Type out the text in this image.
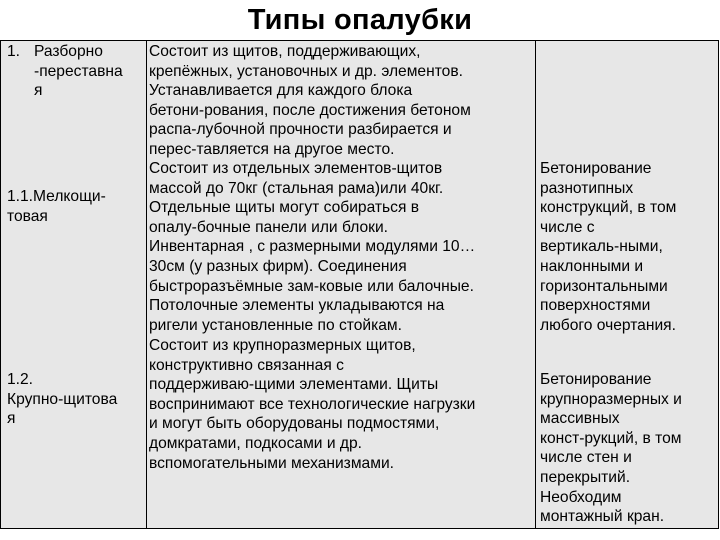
Типы опалубки
1. Разборно
-переставна
я
1.1.Мелкощи-
товая
1.2.
Крупно-щитова
я
Состоит из щитов, поддерживающих,
крепёжных, установочных и др. элементов.
Устанавливается для каждого блока
бетони-рования, после достижения бетоном
распа-лубочной прочности разбирается и
перес-тавляется на другое место.
Состоит из отдельных элементов-щитов
массой до 70кг (стальная рама)или 40кг.
Отдельные щиты могут собираться в
опалу-бочные панели или блоки.
Инвентарная , с размерными модулями 10…
30см (у разных фирм). Соединения
быстроразъёмные зам-ковые или балочные.
Потолочные элементы укладываются на
ригели установленные по стойкам.
Состоит из крупноразмерных щитов,
конструктивно связанная с
поддерживаю-щими элементами. Щиты
воспринимают все технологические нагрузки
и могут быть оборудованы подмостями,
домкратами, подкосами и др.
вспомогательными механизмами.
Бетонирование
разнотипных
конструкций, в том
числе с
вертикаль-ными,
наклонными и
горизонтальными
поверхностями
любого очертания.
Бетонирование
крупноразмерных и
массивных
конст-рукций, в том
числе стен и
перекрытий.
Необходим
монтажный кран.
